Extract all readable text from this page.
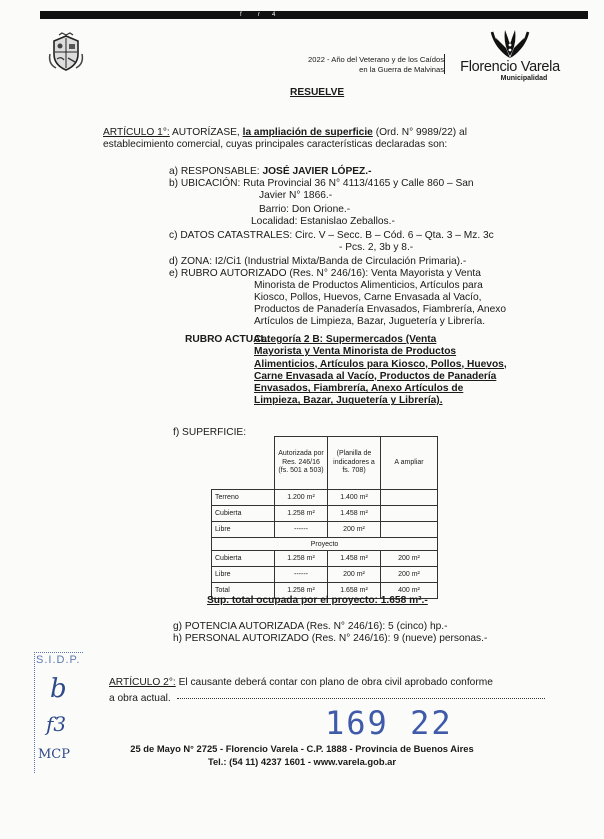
f	r 4
2022 - Año del Veterano y de los Caídos
en la Guerra de Malvinas Florencio Varela
Municipalidad
RESUELVE
ARTÍCULO 1°: AUTORÍZASE, la ampliación de superficie (Ord. N° 9989/22) al
establecimiento comercial, cuyas principales características declaradas son:
a) RESPONSABLE: JOSÉ JAVIER LÓPEZ.-
b) UBICACIÓN: Ruta Provincial 36 N° 4113/4165 y Calle 860 – San
Javier N° 1866.-
Barrio: Don Orione.-
Localidad: Estanislao Zeballos.-
c) DATOS CATASTRALES: Circ. V – Secc. B – Cód. 6 – Qta. 3 – Mz. 3c
- Pcs. 2, 3b y 8.-
d) ZONA: I2/Ci1 (Industrial Mixta/Banda de Circulación Primaria).-
e) RUBRO AUTORIZADO (Res. N° 246/16): Venta Mayorista y Venta
Minorista de Productos Alimenticios, Artículos para
Kiosco, Pollos, Huevos, Carne Envasada al Vacío,
Productos de Panadería Envasados, Fiambrería, Anexo
Artículos de Limpieza, Bazar, Juguetería y Librería.
RUBRO ACTUAL:
Categoría 2 B: Supermercados (Venta
Mayorista y Venta Minorista de Productos
Alimenticios, Artículos para Kiosco, Pollos, Huevos,
Carne Envasada al Vacío, Productos de Panadería
Envasados, Fiambrería, Anexo Artículos de
Limpieza, Bazar, Juguetería y Librería).
f) SUPERFICIE:
	Autorizada por Res. 246/16 (fs. 501 a 503)	(Planilla de indicadores a fs. 708)	A ampliar
Terreno	1.200 m²	1.400 m²	
Cubierta	1.258 m²	1.458 m²	
Libre	------	200 m²	
Proyecto			
Cubierta	1.258 m²	1.458 m²	200 m²
Libre	------	200 m²	200 m²
Total	1.258 m²	1.658 m²	400 m²
Sup. total ocupada por el proyecto: 1.658 m².-
g) POTENCIA AUTORIZADA (Res. N° 246/16): 5 (cinco) hp.-
h) PERSONAL AUTORIZADO (Res. N° 246/16): 9 (nueve) personas.-
ARTÍCULO 2°: El causante deberá contar con plano de obra civil aprobado conforme
a obra actual.
S.I.D.P.
b
f3
MCP
169 22
25 de Mayo N° 2725 - Florencio Varela - C.P. 1888 - Provincia de Buenos Aires
Tel.: (54 11) 4237 1601 - www.varela.gob.ar
